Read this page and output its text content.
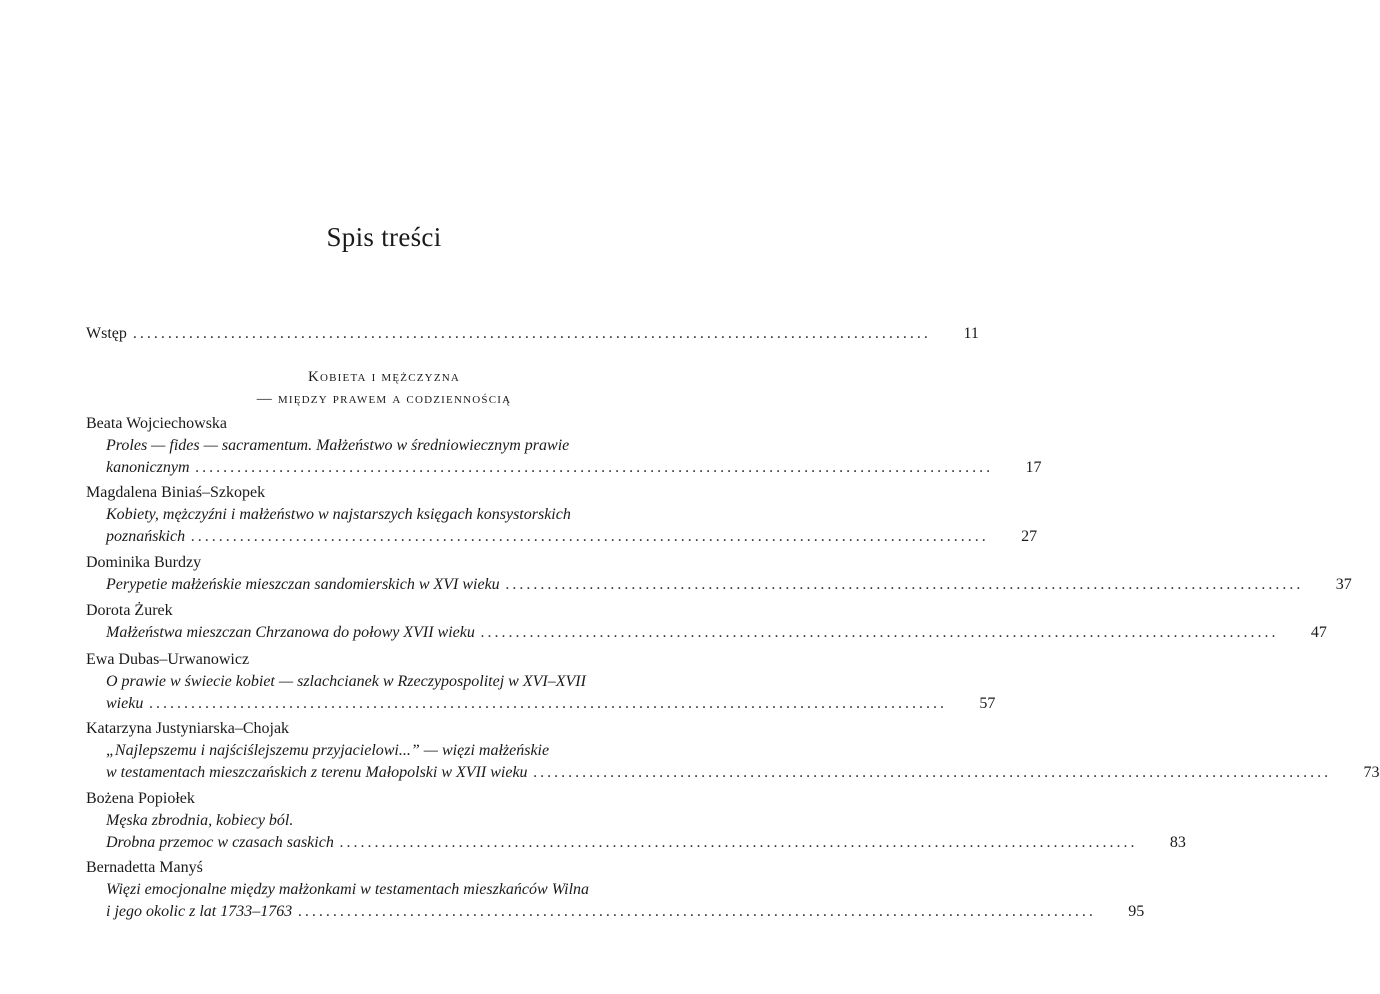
Spis treści
Wstęp .................................................................................................................. 11
Kobieta i mężczyzna
— między prawem a codziennością
Beata Wojciechowska
Proles — fides — sacramentum. Małżeństwo w średniowiecznym prawie
kanonicznym .................................................................................................................. 17
Magdalena Biniaś–Szkopek
Kobiety, mężczyźni i małżeństwo w najstarszych księgach konsystorskich
poznańskich .................................................................................................................. 27
Dominika Burdzy
Perypetie małżeńskie mieszczan sandomierskich w XVI wieku .................................................................................................................. 37
Dorota Żurek
Małżeństwa mieszczan Chrzanowa do połowy XVII wieku .................................................................................................................. 47
Ewa Dubas–Urwanowicz
O prawie w świecie kobiet — szlachcianek w Rzeczypospolitej w XVI–XVII
wieku .................................................................................................................. 57
Katarzyna Justyniarska–Chojak
„Najlepszemu i najściślejszemu przyjacielowi...” — więzi małżeńskie
w testamentach mieszczańskich z terenu Małopolski w XVII wieku .................................................................................................................. 73
Bożena Popiołek
Męska zbrodnia, kobiecy ból.
Drobna przemoc w czasach saskich .................................................................................................................. 83
Bernadetta Manyś
Więzi emocjonalne między małżonkami w testamentach mieszkańców Wilna
i jego okolic z lat 1733–1763 .................................................................................................................. 95
